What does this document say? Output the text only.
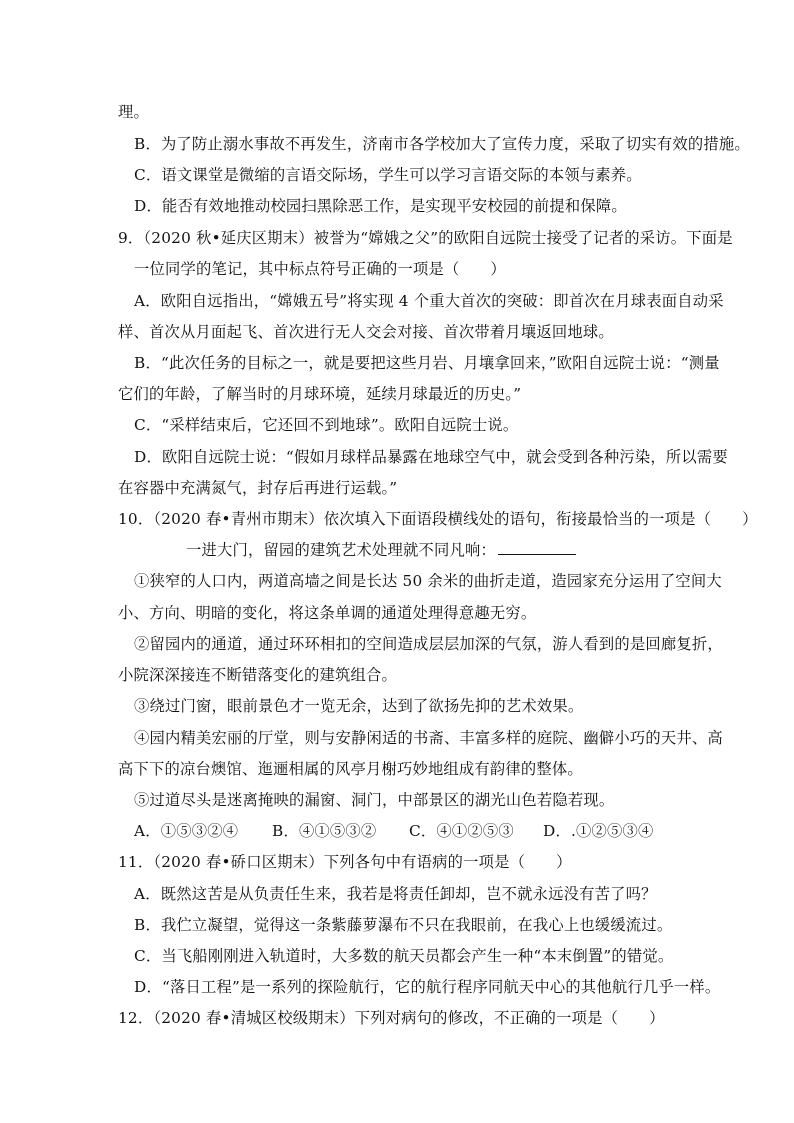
理。
B．为了防止溺水事故不再发生，济南市各学校加大了宣传力度，采取了切实有效的措施。
C．语文课堂是微缩的言语交际场，学生可以学习言语交际的本领与素养。
D．能否有效地推动校园扫黑除恶工作，是实现平安校园的前提和保障。
9．（2020 秋•延庆区期末）被誉为“嫦娥之父”的欧阳自远院士接受了记者的采访。下面是
一位同学的笔记，其中标点符号正确的一项是（　　）
A．欧阳自远指出，“嫦娥五号”将实现 4 个重大首次的突破：即首次在月球表面自动采
样、首次从月面起飞、首次进行无人交会对接、首次带着月壤返回地球。
B．“此次任务的目标之一，就是要把这些月岩、月壤拿回来，”欧阳自远院士说：“测量
它们的年龄，了解当时的月球环境，延续月球最近的历史。”
C．“采样结束后，它还回不到地球”。欧阳自远院士说。
D．欧阳自远院士说：“假如月球样品暴露在地球空气中，就会受到各种污染，所以需要
在容器中充满氮气，封存后再进行运载。”
10．（2020 春•青州市期末）依次填入下面语段横线处的语句，衔接最恰当的一项是（　　）
一进大门，留园的建筑艺术处理就不同凡响：
①狭窄的人口内，两道高墙之间是长达 50 余米的曲折走道，造园家充分运用了空间大
小、方向、明暗的变化，将这条单调的通道处理得意趣无穷。
②留园内的通道，通过环环相扣的空间造成层层加深的气氛，游人看到的是回廊复折，
小院深深接连不断错落变化的建筑组合。
③绕过门窗，眼前景色才一览无余，达到了欲扬先抑的艺术效果。
④园内精美宏丽的厅堂，则与安静闲适的书斋、丰富多样的庭院、幽僻小巧的天井、高
高下下的凉台燠馆、迤逦相属的风亭月榭巧妙地组成有韵律的整体。
⑤过道尽头是迷离掩映的漏窗、洞门，中部景区的湖光山色若隐若现。
A．①⑤③②④ B．④①⑤③② C．④①②⑤③ D．.①②⑤③④
11．（2020 春•硚口区期末）下列各句中有语病的一项是（　　）
A．既然这苦是从负责任生来，我若是将责任卸却，岂不就永远没有苦了吗？
B．我伫立凝望，觉得这一条紫藤萝瀑布不只在我眼前，在我心上也缓缓流过。
C．当飞船刚刚进入轨道时，大多数的航天员都会产生一种“本末倒置”的错觉。
D．“落日工程”是一系列的探险航行，它的航行程序同航天中心的其他航行几乎一样。
12．（2020 春•清城区校级期末）下列对病句的修改，不正确的一项是（　　）
